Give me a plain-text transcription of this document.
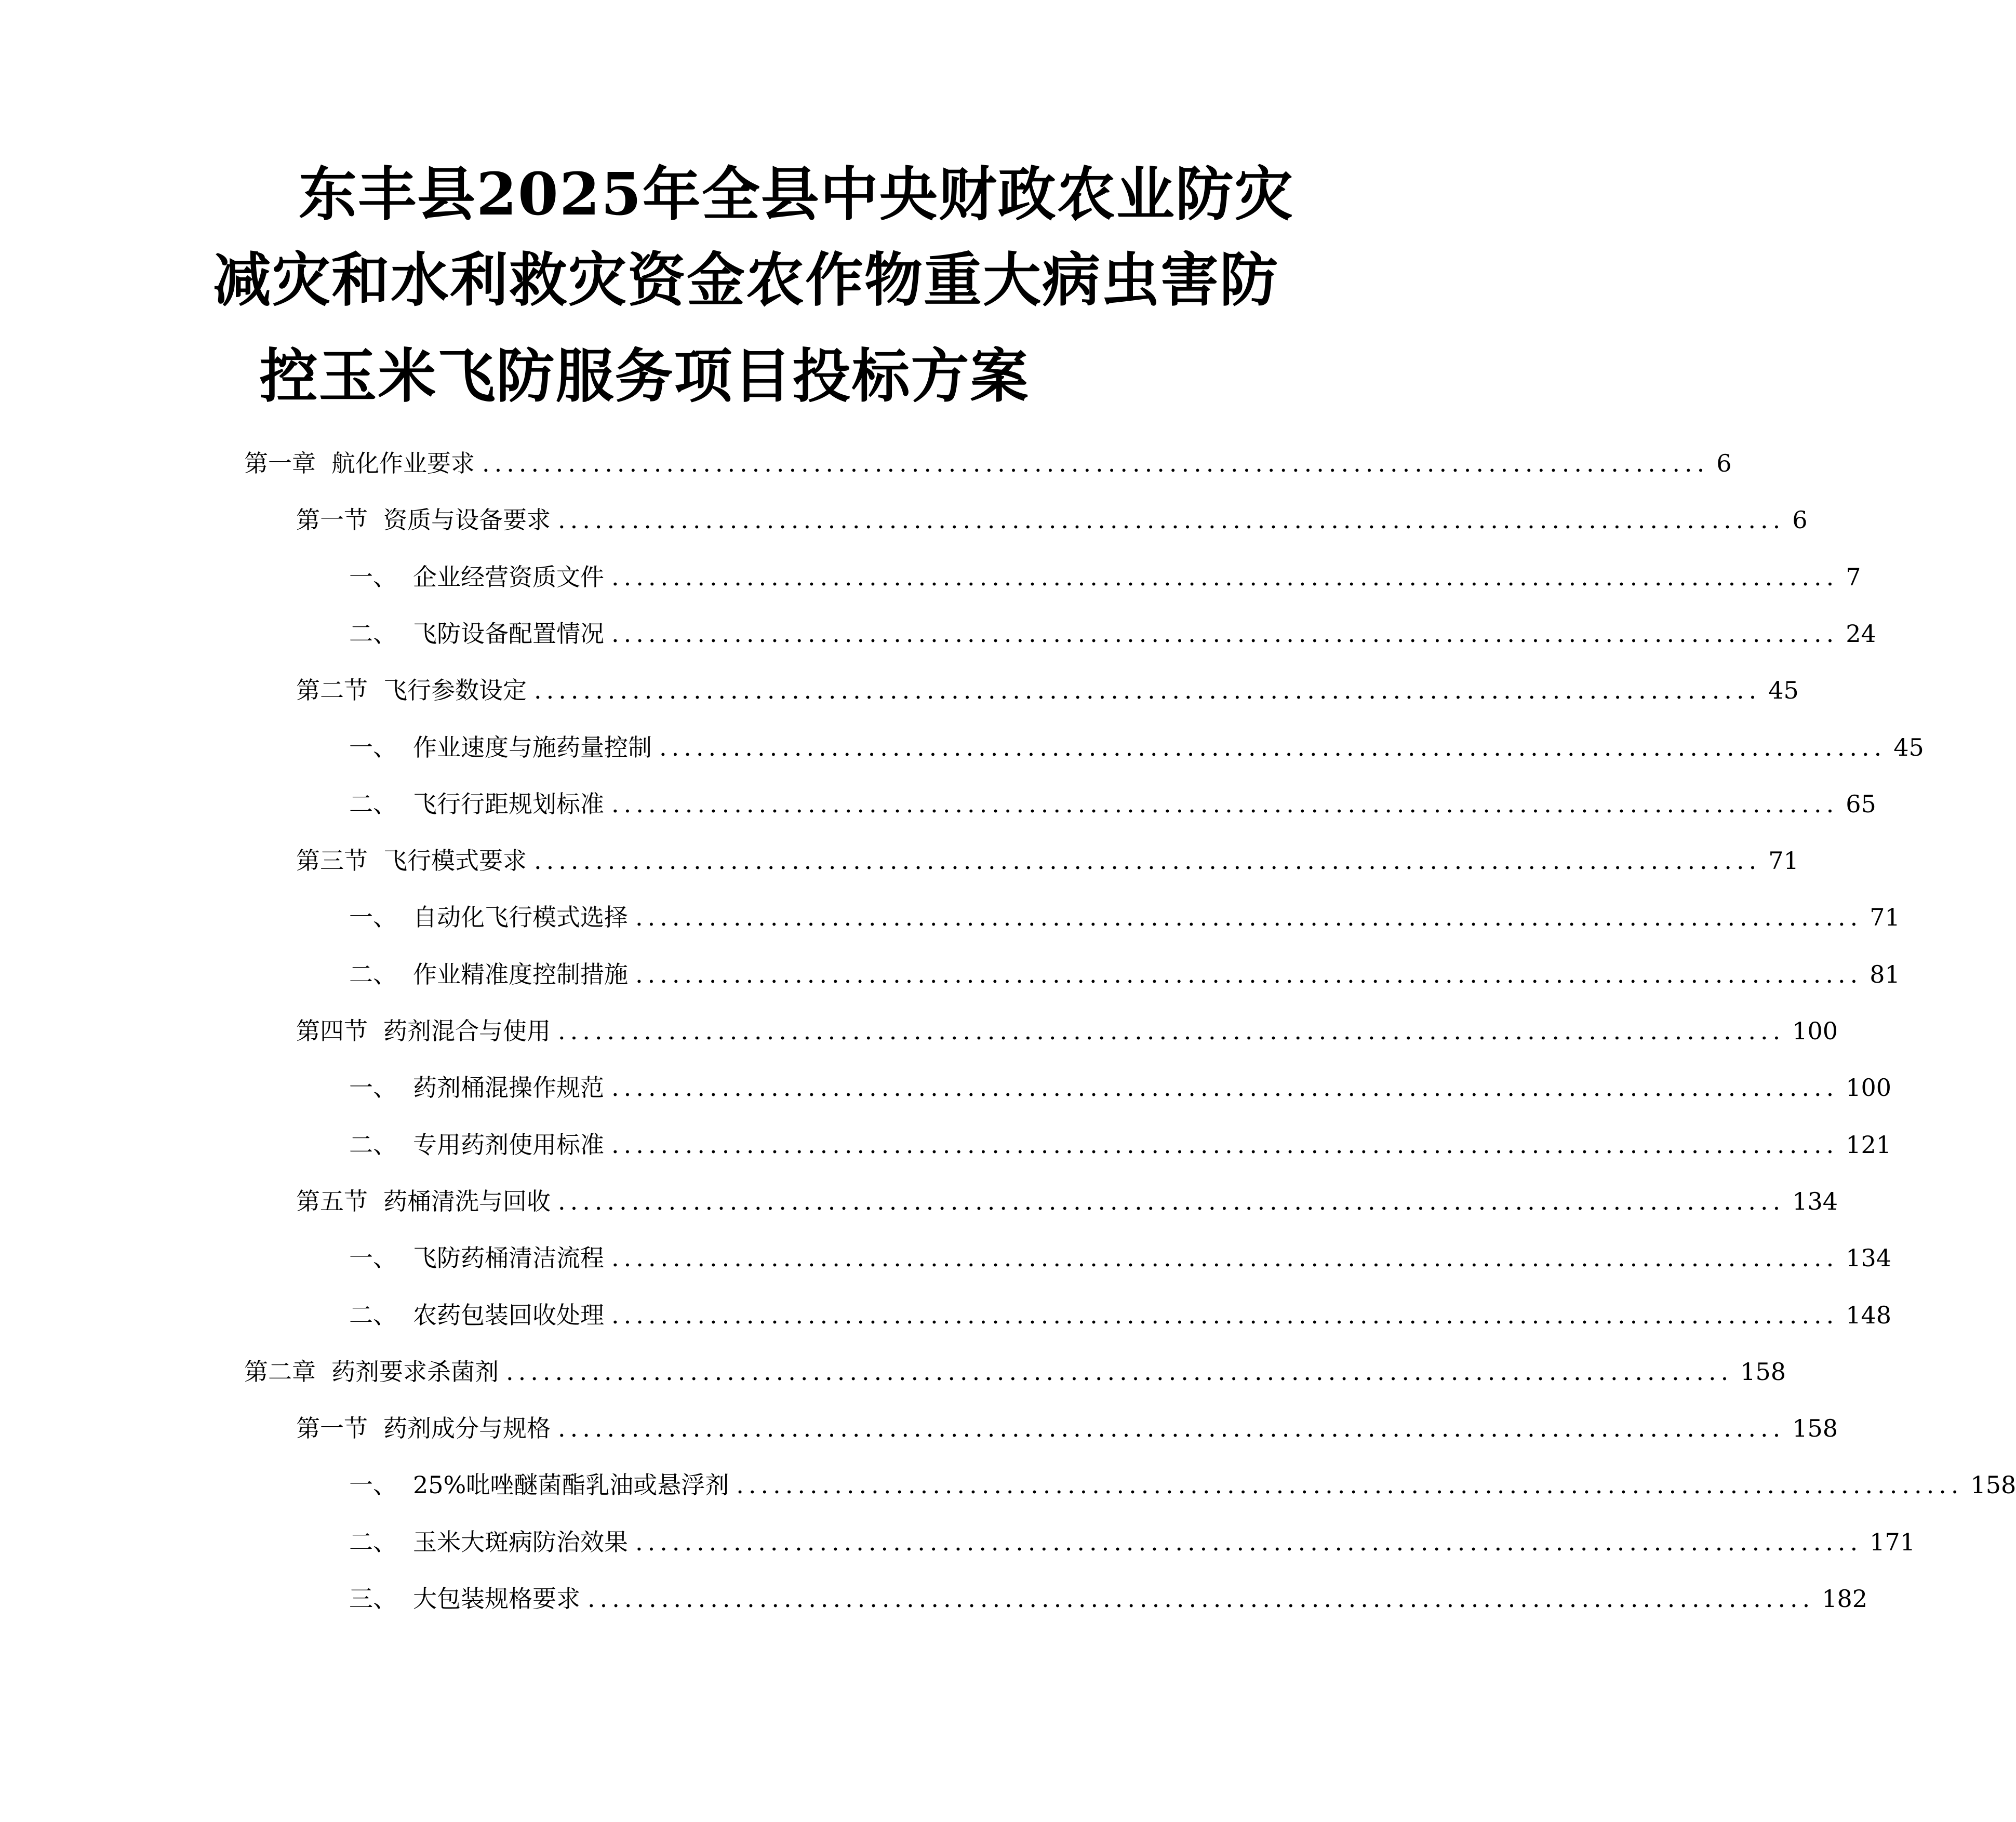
东丰县2025年全县中央财政农业防灾
减灾和水利救灾资金农作物重大病虫害防
控玉米飞防服务项目投标方案
第一章 航化作业要求 .................................................................................................... 6
第一节 资质与设备要求 .................................................................................................... 6
一、 企业经营资质文件 .................................................................................................... 7
二、 飞防设备配置情况 .................................................................................................... 24
第二节 飞行参数设定 .................................................................................................... 45
一、 作业速度与施药量控制 .................................................................................................... 45
二、 飞行行距规划标准 .................................................................................................... 65
第三节 飞行模式要求 .................................................................................................... 71
一、 自动化飞行模式选择 .................................................................................................... 71
二、 作业精准度控制措施 .................................................................................................... 81
第四节 药剂混合与使用 .................................................................................................... 100
一、 药剂桶混操作规范 .................................................................................................... 100
二、 专用药剂使用标准 .................................................................................................... 121
第五节 药桶清洗与回收 .................................................................................................... 134
一、 飞防药桶清洁流程 .................................................................................................... 134
二、 农药包装回收处理 .................................................................................................... 148
第二章 药剂要求杀菌剂 .................................................................................................... 158
第一节 药剂成分与规格 .................................................................................................... 158
一、 25%吡唑醚菌酯乳油或悬浮剂 .................................................................................................... 158
二、 玉米大斑病防治效果 .................................................................................................... 171
三、 大包装规格要求 .................................................................................................... 182
